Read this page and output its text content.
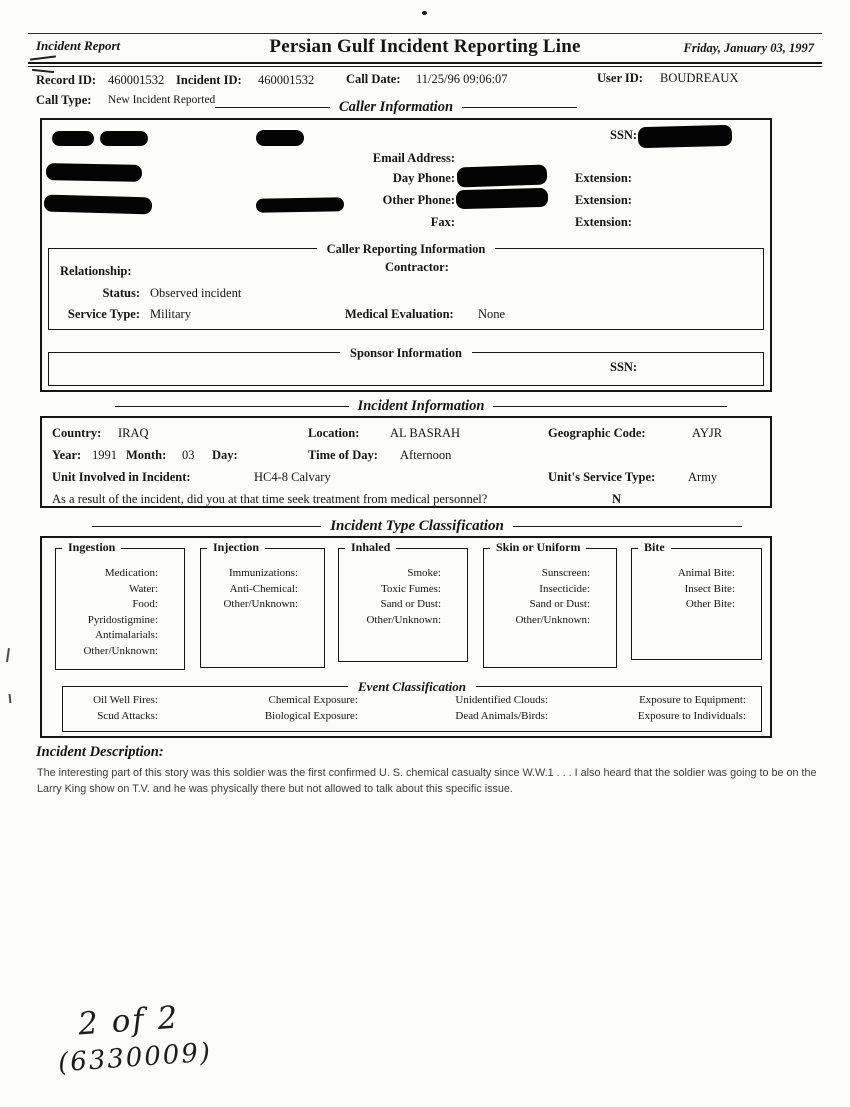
Incident Report	Persian Gulf Incident Reporting Line	Friday, January 03, 1997
Record ID: 460001532 Incident ID: 460001532	Call Date: 11/25/96 09:06:07	User ID: BOUDREAUX
Call Type: New Incident Reported	Caller Information
SSN:
Email Address:
Day Phone:	Extension:
Other Phone:	Extension:
Fax:	Extension:
Caller Reporting Information
Relationship:	Contractor:
Status: Observed incident
Service Type: Military	Medical Evaluation: None
Sponsor Information
SSN:
Incident Information
Country: IRAQ	Location: AL BASRAH	Geographic Code:	AYJR
Year: 1991 Month: 03 Day:	Time of Day: Afternoon
Unit Involved in Incident:	HC4-8 Calvary	Unit's Service Type:	Army
As a result of the incident, did you at that time seek treatment from medical personnel?	N
Incident Type Classification
Ingestion
Medication:
Water:
Food:
Pyridostigmine:
Antimalarials:
Other/Unknown:
Injection
Immunizations:
Anti-Chemical:
Other/Unknown:
Inhaled
Smoke:
Toxic Fumes:
Sand or Dust:
Other/Unknown:
Skin or Uniform
Sunscreen:
Insecticide:
Sand or Dust:
Other/Unknown:
Bite
Animal Bite:
Insect Bite:
Other Bite:
Event Classification
Oil Well Fires:	Chemical Exposure:	Unidentified Clouds:	Exposure to Equipment:
Scud Attacks:	Biological Exposure:	Dead Animals/Birds:	Exposure to Individuals:
Incident Description:
The interesting part of this story was this soldier was the first confirmed U. S. chemical casualty since W.W.1 . . . I also heard that the soldier was going to be on the Larry King show on T.V. and he was physically there but not allowed to talk about this specific issue.
2 of 2
(6330009)
